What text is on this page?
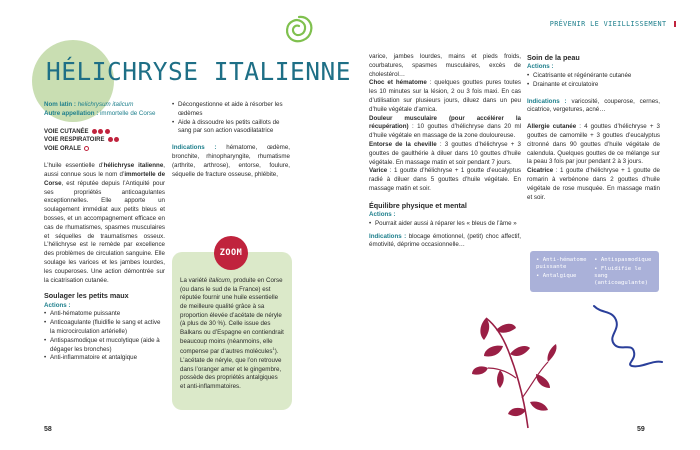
PRÉVENIR LE VIEILLISSEMENT
HÉLICHRYSE ITALIENNE
Nom latin : helichrysum italicum
Autre appellation : immortelle de Corse
VOIE CUTANÉE
VOIE RESPIRATOIRE
VOIE ORALE

L’huile essentielle d’hélichryse italienne, aussi connue sous le nom d’immortelle de Corse, est réputée depuis l’Antiquité pour ses propriétés anticoagulantes exceptionnelles. Elle apporte un soulagement immédiat aux petits bleus et bosses, et un accompagnement efficace en cas de rhumatismes, spasmes musculaires et séquelles de traumatismes osseux. L’hélichryse est le remède par excellence des problèmes de circulation sanguine. Elle soulage les varices et les jambes lourdes, les couperoses. Une action démontrée sur la cicatrisation cutanée.

Soulager les petits maux
Actions :
• Anti-hématome puissante
• Anticoagulante (fluidifie le sang et active la microcirculation artérielle)
• Antispasmodique et mucolytique (aide à dégager les bronches)
• Anti-inflammatoire et antalgique
• Décongestionne et aide à résorber les œdèmes
• Aide à dissoudre les petits caillots de sang par son action vasodilatatrice

Indications : hématome, œdème, bronchite, rhinopharyngite, rhumatisme (arthrite, arthrose), entorse, foulure, séquelle de fracture osseuse, phlébite,

ZOOM

La variété italicum, produite en Corse (ou dans le sud de la France) est réputée fournir une huile essentielle de meilleure qualité grâce à sa proportion élevée d’acétate de néryle (à plus de 30 %). Celle issue des Balkans ou d’Espagne en contiendrait beaucoup moins (néanmoins, elle compense par d’autres molécules$^1$). L’acétate de néryle, que l’on retrouve dans l’oranger amer et le gingembre, possède des propriétés antalgiques et anti-inflammatoires.

varice, jambes lourdes, mains et pieds froids, courbatures, spasmes musculaires, excès de cholestérol…

Choc et hématome : quelques gouttes pures toutes les 10 minutes sur la lésion, 2 ou 3 fois maxi. En cas d’utilisation sur plusieurs jours, diluez dans un peu d’huile végétale d’arnica.

Douleur musculaire (pour accélérer la récupération) : 10 gouttes d’hélichryse dans 20 ml d’huile végétale en massage de la zone douloureuse.

Entorse de la cheville : 3 gouttes d’hélichryse + 3 gouttes de gaulthérie à diluer dans 10 gouttes d’huile végétale. En massage matin et soir pendant 7 jours.

Varice : 1 goutte d’hélichryse + 1 goutte d’eucalyptus radié à diluer dans 5 gouttes d’huile végétale. En massage matin et soir.

Équilibre physique et mental
Actions :
• Pourrait aider aussi à réparer les « bleus de l’âme »

Indications : blocage émotionnel, (petit) choc affectif, émotivité, déprime occasionnelle…

Soin de la peau
Actions :
• Cicatrisante et régénérante cutanée
• Drainante et circulatoire

Indications : varicosité, couperose, cernes, cicatrice, vergetures, acné…

Allergie cutanée : 4 gouttes d’hélichryse + 3 gouttes de camomille + 3 gouttes d’eucalyptus citronné dans 90 gouttes d’huile végétale de calendula. Quelques gouttes de ce mélange sur la peau 3 fois par jour pendant 2 à 3 jours.

Cicatrice : 1 goutte d’hélichryse + 1 goutte de romarin à verbénone dans 2 gouttes d’huile végétale de rose musquée. En massage matin et soir.

• Anti-hématome puissante
• Antalgique
• Antispasmodique
• Fluidifie le sang (anticoagulante)
58	59
